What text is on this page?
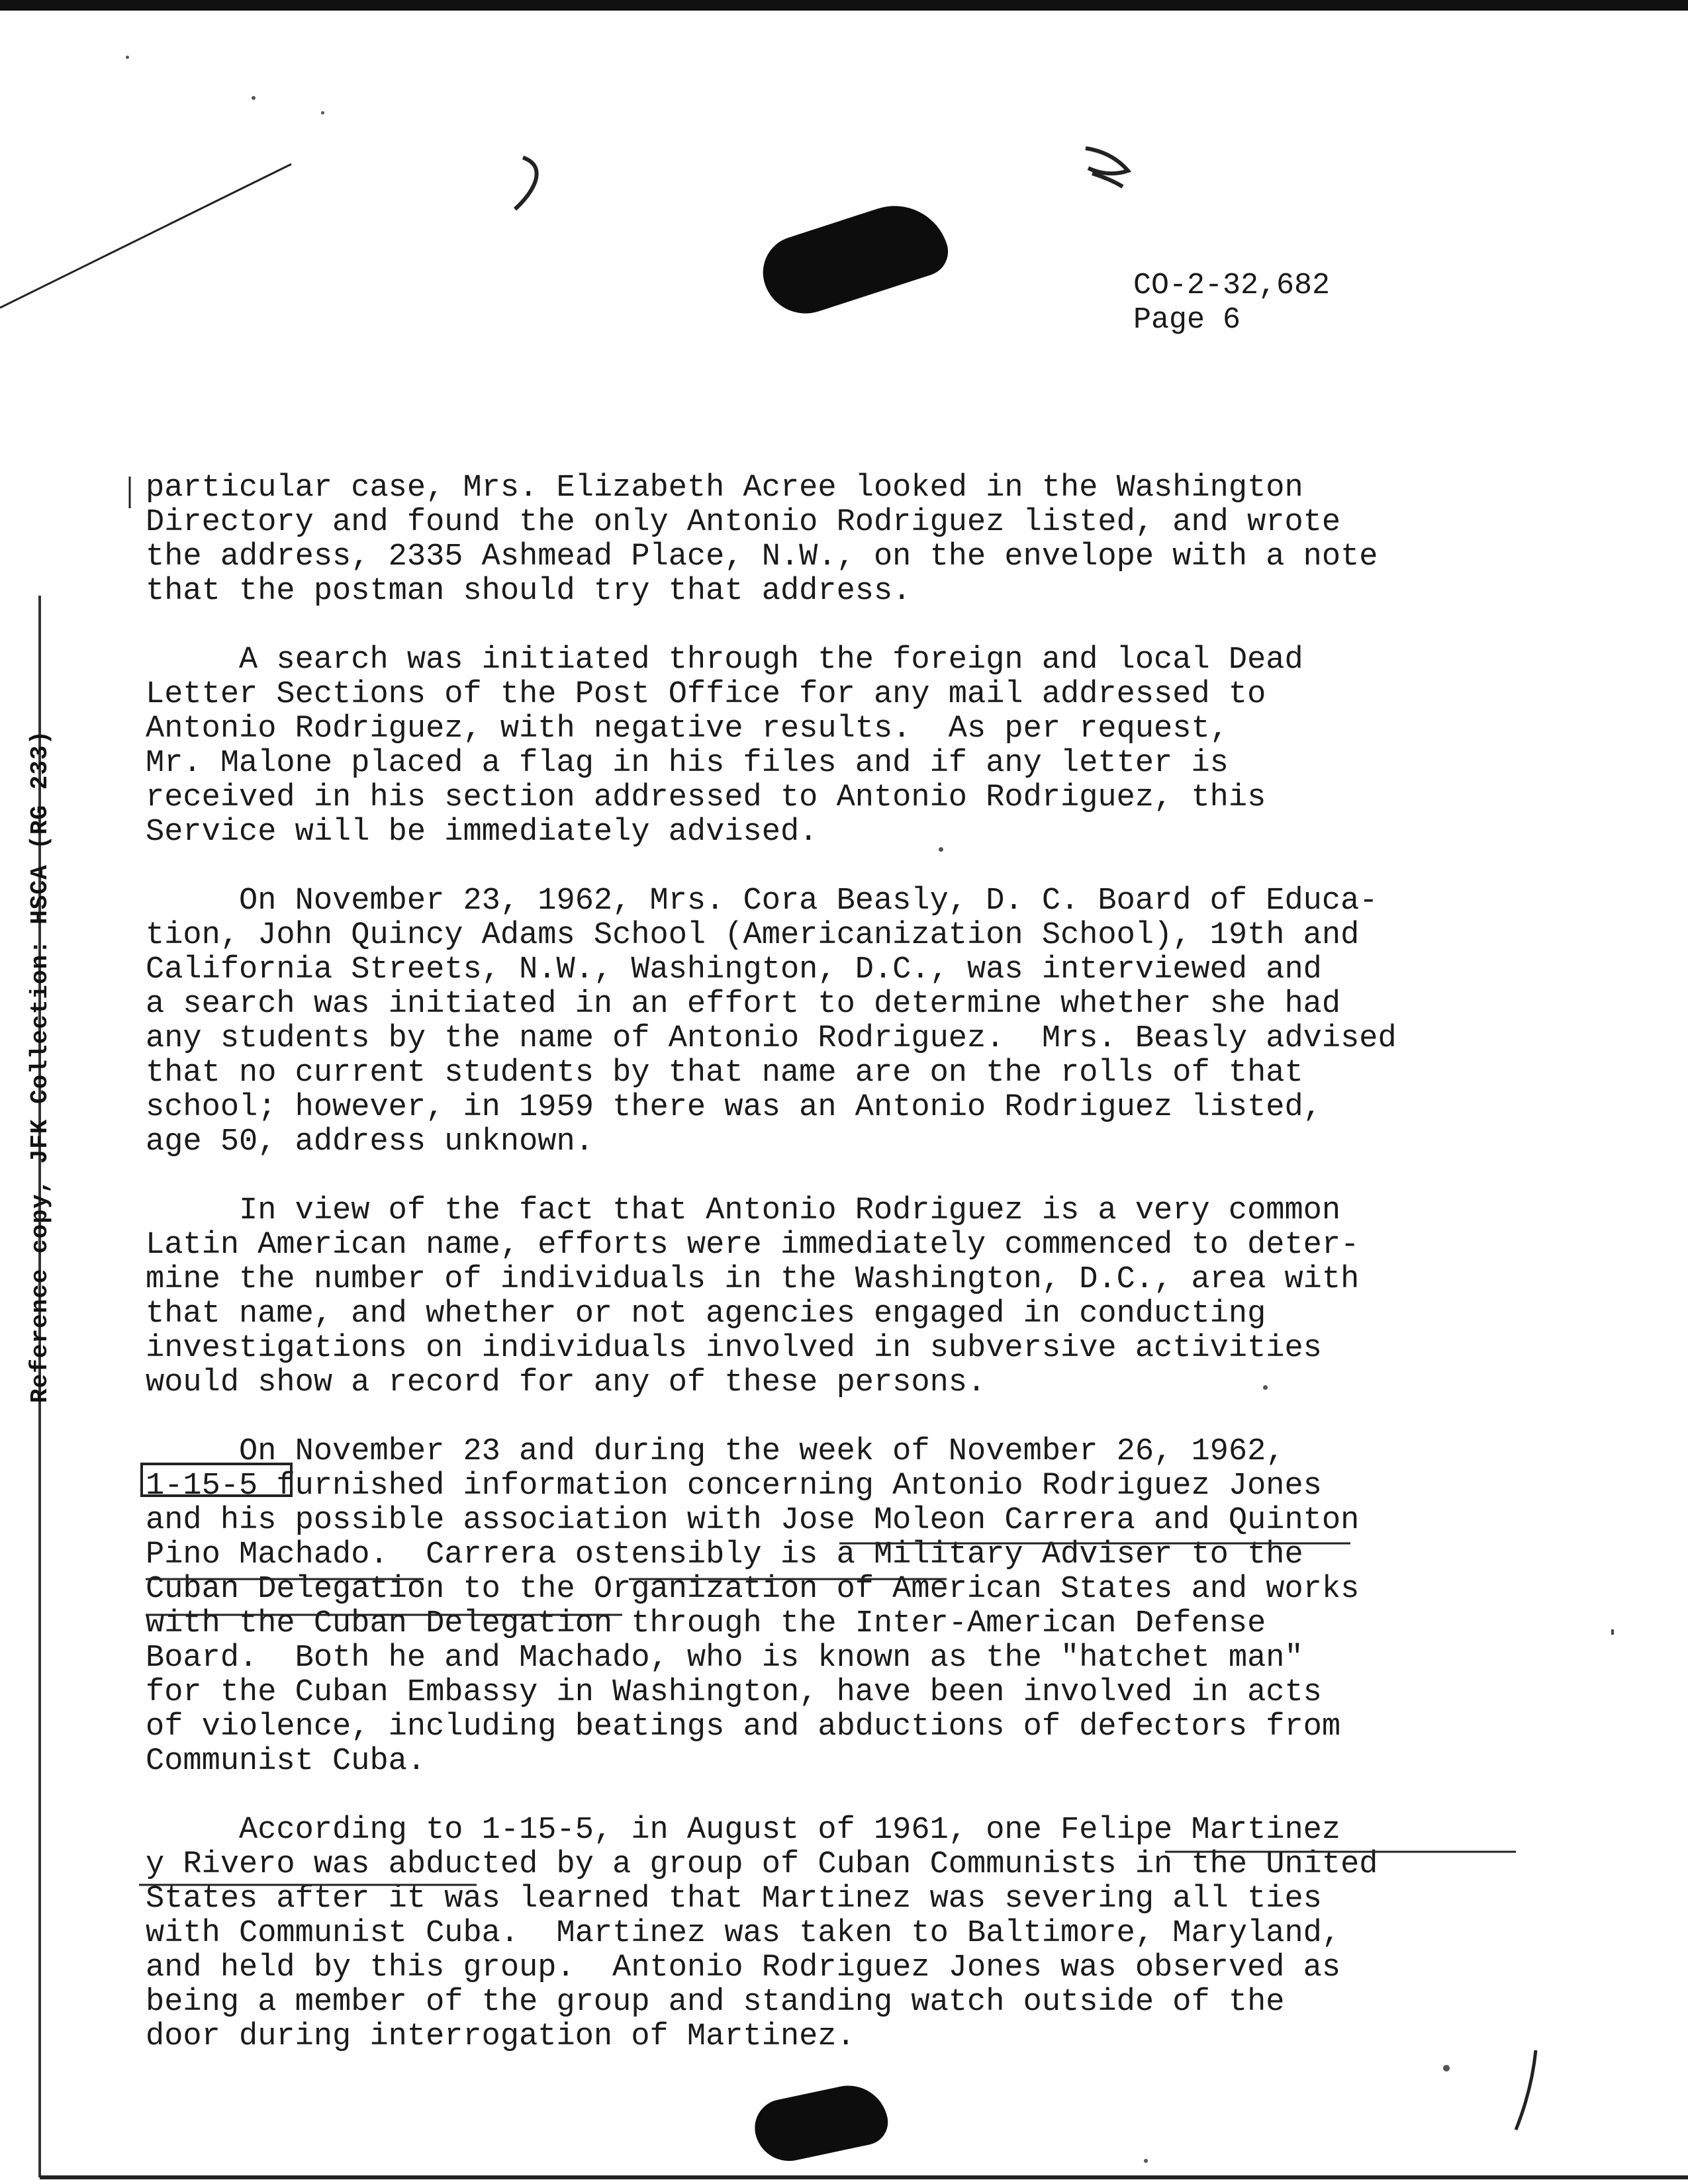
Reference copy, JFK Collection: HSCA (RG 233)
CO-2-32,682
Page 6
particular case, Mrs. Elizabeth Acree looked in the Washington
Directory and found the only Antonio Rodriguez listed, and wrote
the address, 2335 Ashmead Place, N.W., on the envelope with a note
that the postman should try that address.
A search was initiated through the foreign and local Dead
Letter Sections of the Post Office for any mail addressed to
Antonio Rodriguez, with negative results.  As per request,
Mr. Malone placed a flag in his files and if any letter is
received in his section addressed to Antonio Rodriguez, this
Service will be immediately advised.
On November 23, 1962, Mrs. Cora Beasly, D. C. Board of Educa-
tion, John Quincy Adams School (Americanization School), 19th and
California Streets, N.W., Washington, D.C., was interviewed and
a search was initiated in an effort to determine whether she had
any students by the name of Antonio Rodriguez.  Mrs. Beasly advised
that no current students by that name are on the rolls of that
school; however, in 1959 there was an Antonio Rodriguez listed,
age 50, address unknown.
In view of the fact that Antonio Rodriguez is a very common
Latin American name, efforts were immediately commenced to deter-
mine the number of individuals in the Washington, D.C., area with
that name, and whether or not agencies engaged in conducting
investigations on individuals involved in subversive activities
would show a record for any of these persons.
On November 23 and during the week of November 26, 1962,
1-15-5 furnished information concerning Antonio Rodriguez Jones
and his possible association with Jose Moleon Carrera and Quinton
Pino Machado.  Carrera ostensibly is a Military Adviser to the
Cuban Delegation to the Organization of American States and works
with the Cuban Delegation through the Inter-American Defense
Board.  Both he and Machado, who is known as the "hatchet man"
for the Cuban Embassy in Washington, have been involved in acts
of violence, including beatings and abductions of defectors from
Communist Cuba.
According to 1-15-5, in August of 1961, one Felipe Martinez
y Rivero was abducted by a group of Cuban Communists in the United
States after it was learned that Martinez was severing all ties
with Communist Cuba.  Martinez was taken to Baltimore, Maryland,
and held by this group.  Antonio Rodriguez Jones was observed as
being a member of the group and standing watch outside of the
door during interrogation of Martinez.
